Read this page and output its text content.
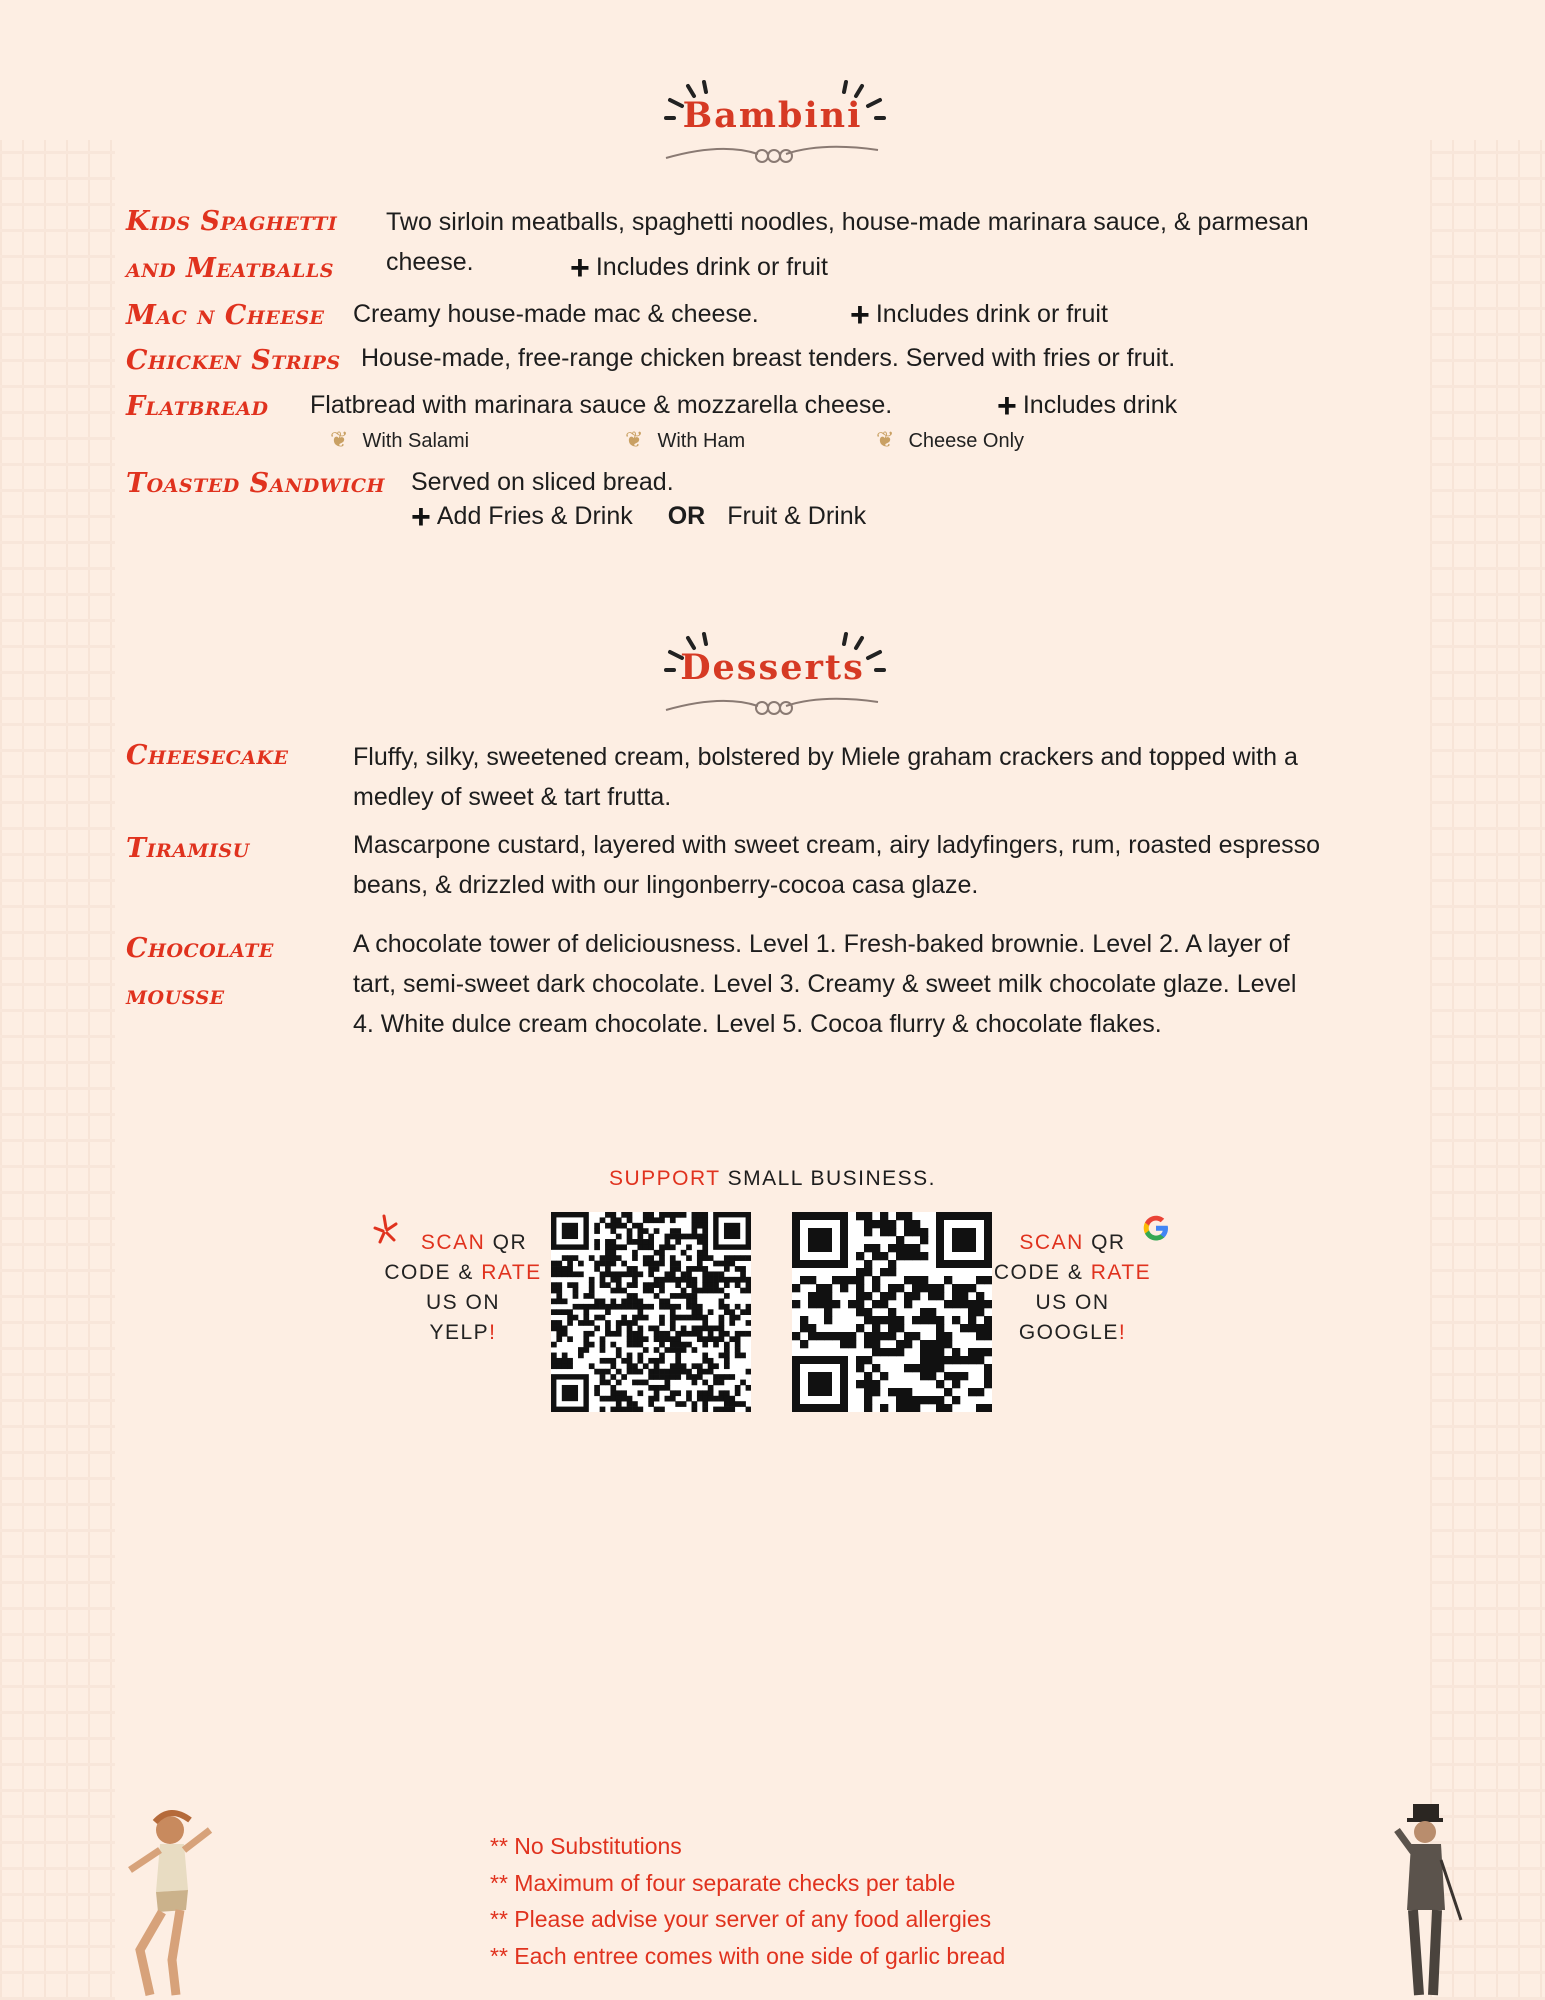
Bambini
Kids Spaghetti
and Meatballs
Two sirloin meatballs, spaghetti noodles, house-made marinara sauce, & parmesan
cheese.	+ Includes drink or fruit
Mac n Cheese Creamy house-made mac & cheese.	+ Includes drink or fruit
Chicken Strips House-made, free-range chicken breast tenders. Served with fries or fruit.
Flatbread Flatbread with marinara sauce & mozzarella cheese.	+ Includes drink
❦ With Salami	❦ With Ham	❦ Cheese Only
Toasted Sandwich Served on sliced bread.
+ Add Fries & Drink OR Fruit & Drink
Desserts
Cheesecake	Fluffy, silky, sweetened cream, bolstered by Miele graham crackers and topped with a
medley of sweet & tart frutta.
Tiramisu	Mascarpone custard, layered with sweet cream, airy ladyfingers, rum, roasted espresso
beans, & drizzled with our lingonberry-cocoa casa glaze.
Chocolate
mousse
A chocolate tower of deliciousness. Level 1. Fresh-baked brownie. Level 2. A layer of
tart, semi-sweet dark chocolate. Level 3. Creamy & sweet milk chocolate glaze. Level
4. White dulce cream chocolate. Level 5. Cocoa flurry & chocolate flakes.
SUPPORT SMALL BUSINESS.
SCAN QR
CODE & RATE
US ON
YELP!
SCAN QR
CODE & RATE
US ON
GOOGLE!
** No Substitutions
** Maximum of four separate checks per table
** Please advise your server of any food allergies
** Each entree comes with one side of garlic bread
